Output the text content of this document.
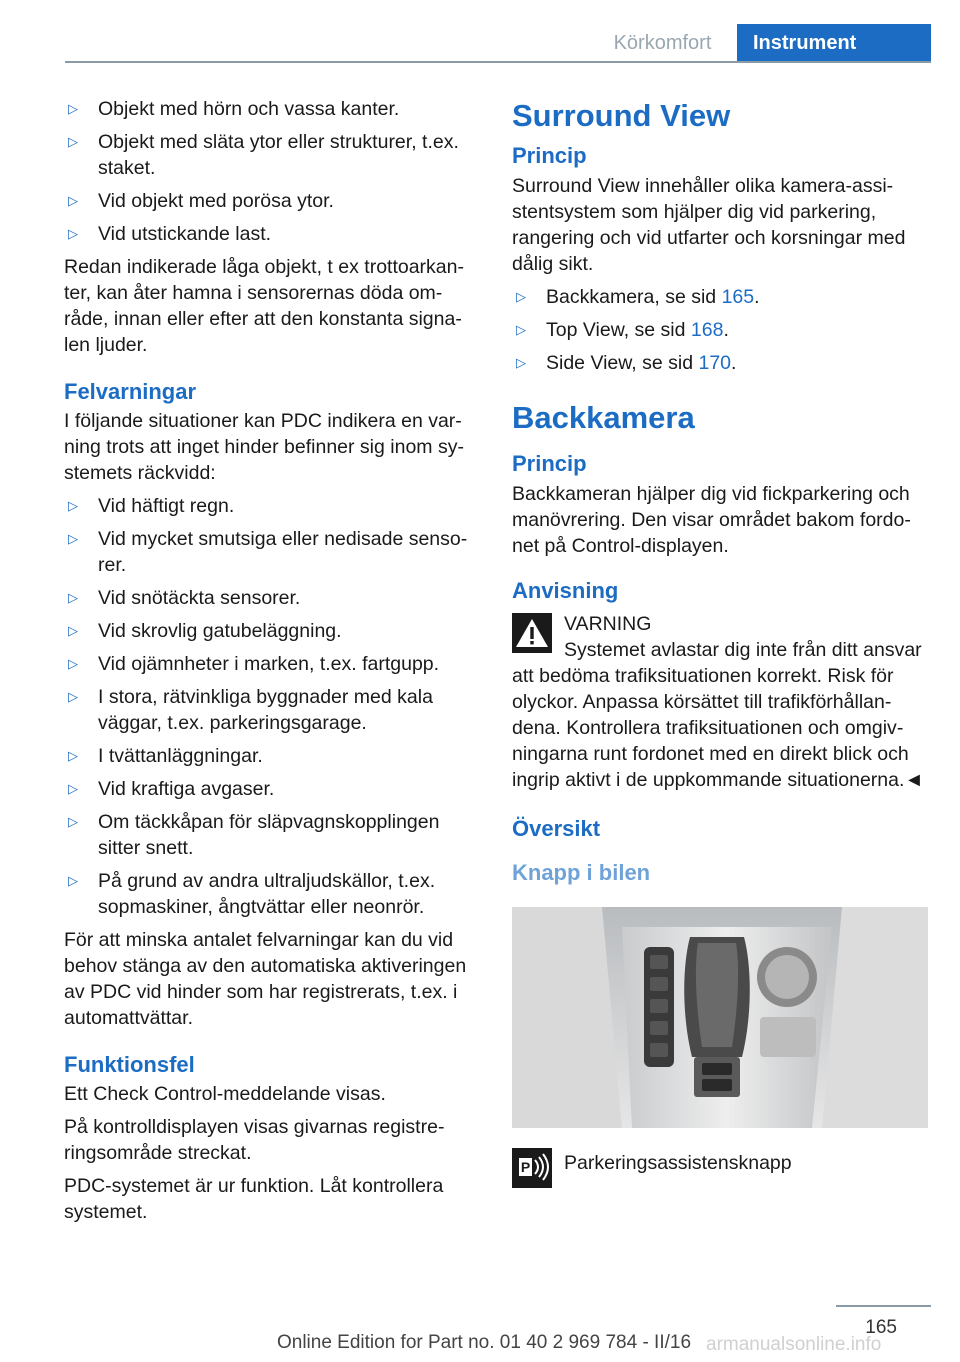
Körkomfort	Instrument
▷ Objekt med hörn och vassa kanter.
▷ Objekt med släta ytor eller strukturer, t.ex. staket.
▷ Vid objekt med porösa ytor.
▷ Vid utstickande last.

Redan indikerade låga objekt, t ex trottoarkanter, kan åter hamna i sensorernas döda område, innan eller efter att den konstanta signalen ljuder.

Felvarningar

I följande situationer kan PDC indikera en varning trots att inget hinder befinner sig inom systemets räckvidd:

▷ Vid häftigt regn.
▷ Vid mycket smutsiga eller nedisade sensorer.
▷ Vid snötäckta sensorer.
▷ Vid skrovlig gatubeläggning.
▷ Vid ojämnheter i marken, t.ex. fartgupp.
▷ I stora, rätvinkliga byggnader med kala väggar, t.ex. parkeringsgarage.
▷ I tvättanläggningar.
▷ Vid kraftiga avgaser.
▷ Om täckkåpan för släpvagnskopplingen sitter snett.
▷ På grund av andra ultraljudskällor, t.ex. sopmaskiner, ångtvättar eller neonrör.

För att minska antalet felvarningar kan du vid behov stänga av den automatiska aktiveringen av PDC vid hinder som har registrerats, t.ex. i automattvättar.

Funktionsfel

Ett Check Control-meddelande visas.

På kontrolldisplayen visas givarnas registreringsområde streckat.

PDC-systemet är ur funktion. Låt kontrollera systemet.

Surround View
Princip

Surround View innehåller olika kamera-assistentsystem som hjälper dig vid parkering, rangering och vid utfarter och korsningar med dålig sikt.

▷ Backkamera, se sid 165.
▷ Top View, se sid 168.
▷ Side View, se sid 170.
Backkamera
Princip

Backkameran hjälper dig vid fickparkering och manövrering. Den visar området bakom fordonet på Control-displayen.

Anvisning

VARNING

Systemet avlastar dig inte från ditt ansvar att bedöma trafiksituationen korrekt. Risk för olyckor. Anpassa körsättet till trafikförhållandena. Kontrollera trafiksituationen och omgivningarna runt fordonet med en direkt blick och ingrip aktivt i de uppkommande situationerna.◄

Översikt
Knapp i bilen
P Parkeringsassistensknapp

165
Online Edition for Part no. 01 40 2 969 784 - II/16 armanualsonline.info
